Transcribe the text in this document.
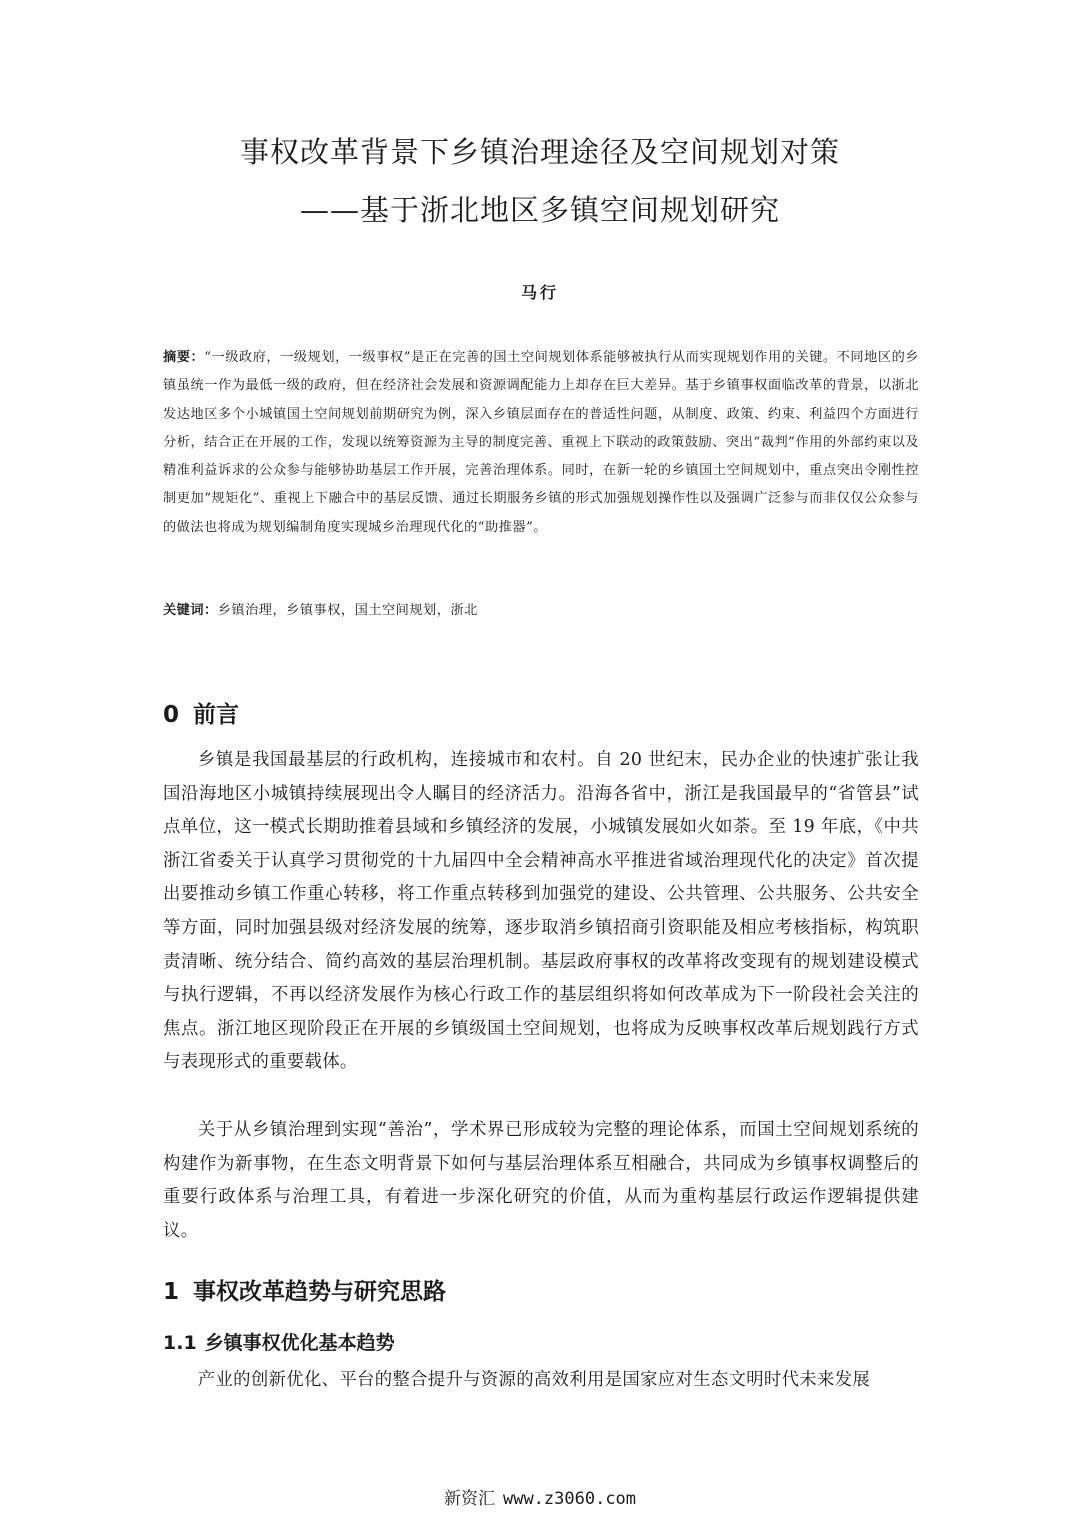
事权改革背景下乡镇治理途径及空间规划对策
——基于浙北地区多镇空间规划研究
马行
摘要：“一级政府，一级规划，一级事权”是正在完善的国土空间规划体系能够被执行从而实现规划作用的关键。不同地区的乡镇虽统一作为最低一级的政府，但在经济社会发展和资源调配能力上却存在巨大差异。基于乡镇事权面临改革的背景，以浙北发达地区多个小城镇国土空间规划前期研究为例，深入乡镇层面存在的普适性问题，从制度、政策、约束、利益四个方面进行分析，结合正在开展的工作，发现以统筹资源为主导的制度完善、重视上下联动的政策鼓励、突出“裁判”作用的外部约束以及精准利益诉求的公众参与能够协助基层工作开展，完善治理体系。同时，在新一轮的乡镇国土空间规划中，重点突出令刚性控制更加“规矩化”、重视上下融合中的基层反馈、通过长期服务乡镇的形式加强规划操作性以及强调广泛参与而非仅仅公众参与的做法也将成为规划编制角度实现城乡治理现代化的“助推器”。
关键词：乡镇治理，乡镇事权，国土空间规划，浙北
0 前言
乡镇是我国最基层的行政机构，连接城市和农村。自 20 世纪末，民办企业的快速扩张让我国沿海地区小城镇持续展现出令人瞩目的经济活力。沿海各省中，浙江是我国最早的“省管县”试点单位，这一模式长期助推着县域和乡镇经济的发展，小城镇发展如火如荼。至 19 年底，《中共浙江省委关于认真学习贯彻党的十九届四中全会精神高水平推进省域治理现代化的决定》首次提出要推动乡镇工作重心转移，将工作重点转移到加强党的建设、公共管理、公共服务、公共安全等方面，同时加强县级对经济发展的统筹，逐步取消乡镇招商引资职能及相应考核指标，构筑职责清晰、统分结合、简约高效的基层治理机制。基层政府事权的改革将改变现有的规划建设模式与执行逻辑，不再以经济发展作为核心行政工作的基层组织将如何改革成为下一阶段社会关注的焦点。浙江地区现阶段正在开展的乡镇级国土空间规划，也将成为反映事权改革后规划践行方式与表现形式的重要载体。
关于从乡镇治理到实现“善治”，学术界已形成较为完整的理论体系，而国土空间规划系统的构建作为新事物，在生态文明背景下如何与基层治理体系互相融合，共同成为乡镇事权调整后的重要行政体系与治理工具，有着进一步深化研究的价值，从而为重构基层行政运作逻辑提供建议。
1 事权改革趋势与研究思路
1.1 乡镇事权优化基本趋势
产业的创新优化、平台的整合提升与资源的高效利用是国家应对生态文明时代未来发展
新资汇 www.z3060.com
